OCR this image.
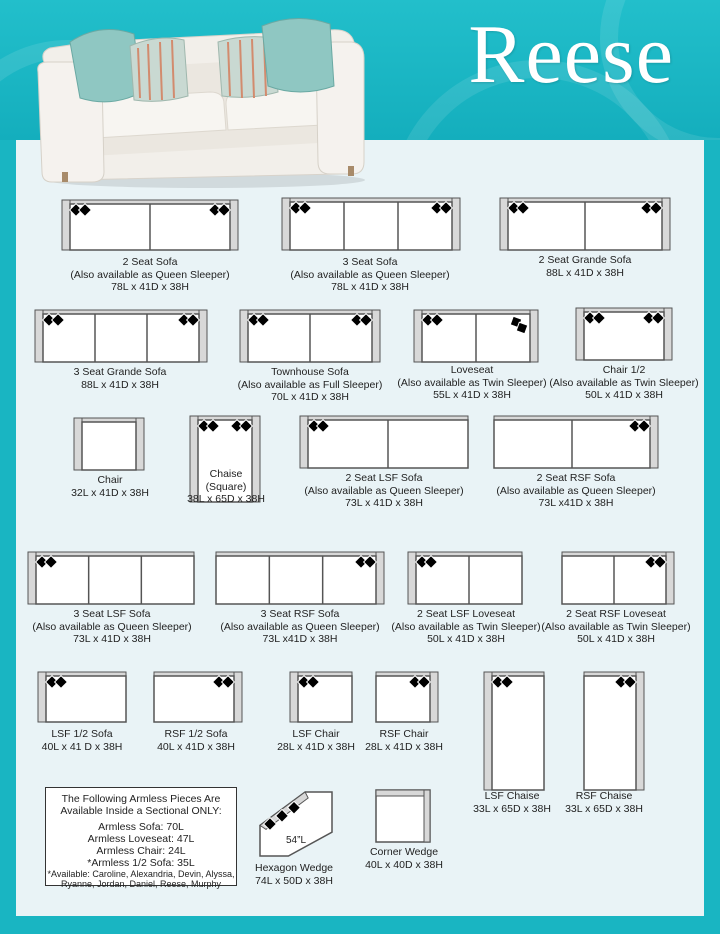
Reese
2 Seat Sofa
(Also available as Queen Sleeper)
78L x 41D x 38H
3 Seat Sofa
(Also available as Queen Sleeper)
78L x 41D x 38H
2 Seat Grande Sofa
88L x 41D x 38H
3 Seat Grande Sofa
88L x 41D x 38H
Townhouse Sofa
(Also available as Full Sleeper)
70L x 41D x 38H
Loveseat
(Also available as Twin Sleeper)
55L x 41D x 38H
Chair 1/2
(Also available as Twin Sleeper)
50L x 41D x 38H
Chair
32L x 41D x 38H
Chaise
(Square)
38L x 65D x 38H
2 Seat LSF Sofa
(Also available as Queen Sleeper)
73L x 41D x 38H
2 Seat RSF Sofa
(Also available as Queen Sleeper)
73L x41D x 38H
3 Seat LSF Sofa
(Also available as Queen Sleeper)
73L x 41D x 38H
3 Seat RSF Sofa
(Also available as Queen Sleeper)
73L x41D x 38H
2 Seat LSF Loveseat
(Also available as Twin Sleeper)
50L x 41D x 38H
2 Seat RSF Loveseat
(Also available as Twin Sleeper)
50L x 41D x 38H
LSF 1/2 Sofa
40L x 41 D x 38H
RSF 1/2 Sofa
40L x 41D x 38H
LSF Chair
28L x 41D x 38H
RSF Chair
28L x 41D x 38H
LSF Chaise
33L x 65D x 38H
RSF Chaise
33L x 65D x 38H
54”L
Hexagon Wedge
74L x 50D x 38H
Corner Wedge
40L x 40D x 38H
The Following Armless Pieces Are
Available Inside a Sectional ONLY:
Armless Sofa: 70L
Armless Loveseat: 47L
Armless Chair: 24L
*Armless 1/2 Sofa: 35L
*Available: Caroline, Alexandria, Devin, Alyssa,
Ryanne, Jordan, Daniel, Reese, Murphy
